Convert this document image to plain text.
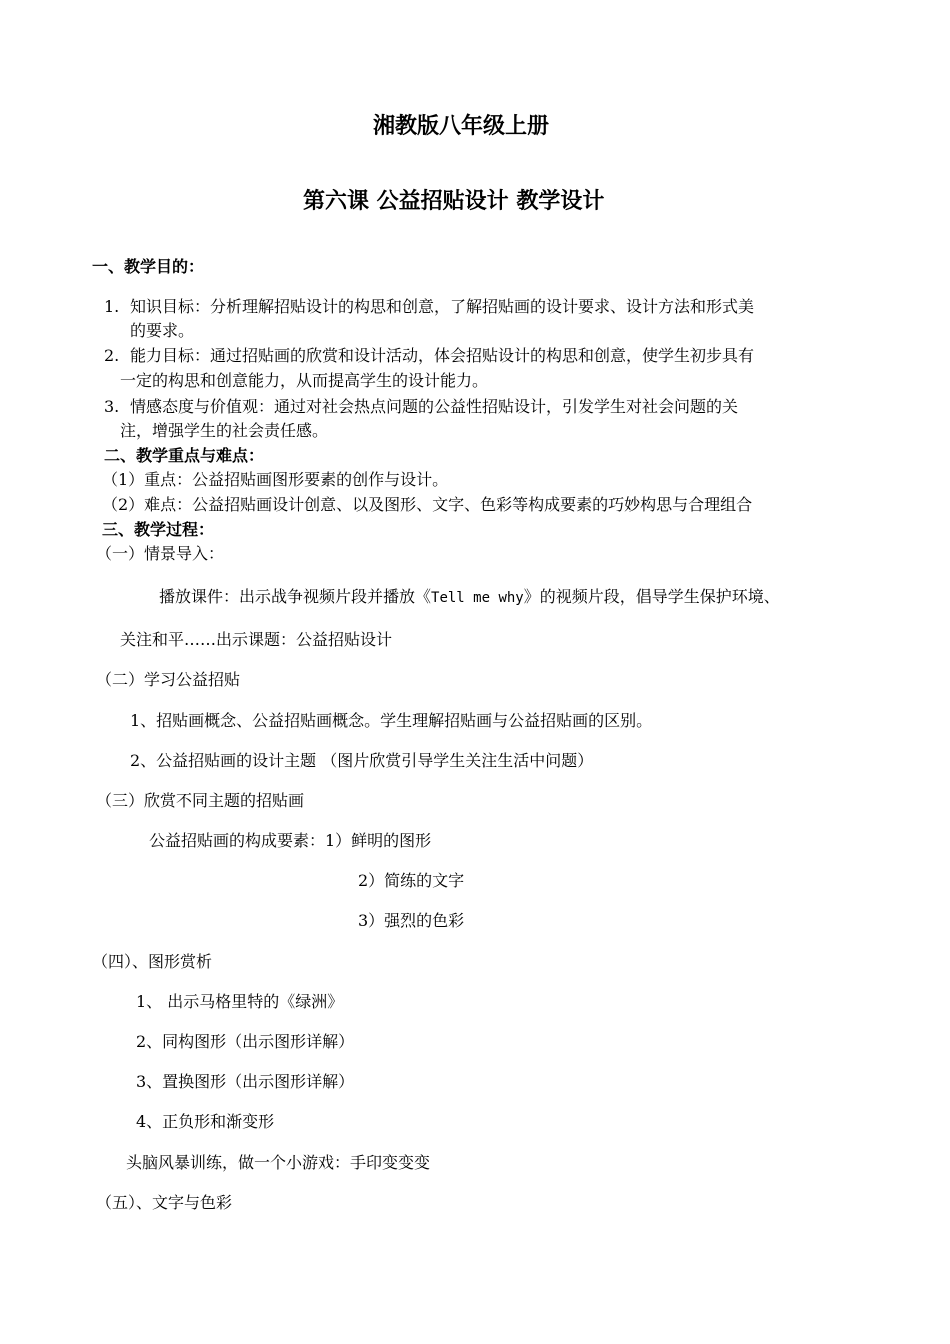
湘教版八年级上册
第六课 公益招贴设计 教学设计
一、教学目的：
1. 知识目标：分析理解招贴设计的构思和创意，了解招贴画的设计要求、设计方法和形式美
的要求。
2. 能力目标：通过招贴画的欣赏和设计活动，体会招贴设计的构思和创意，使学生初步具有
一定的构思和创意能力，从而提高学生的设计能力。
3. 情感态度与价值观：通过对社会热点问题的公益性招贴设计，引发学生对社会问题的关
注，增强学生的社会责任感。
二、教学重点与难点：
（1）重点：公益招贴画图形要素的创作与设计。
（2）难点：公益招贴画设计创意、以及图形、文字、色彩等构成要素的巧妙构思与合理组合
三、教学过程：
（一）情景导入：
播放课件：出示战争视频片段并播放《Tell me why》的视频片段，倡导学生保护环境、
关注和平……出示课题：公益招贴设计
（二）学习公益招贴
1、招贴画概念、公益招贴画概念。学生理解招贴画与公益招贴画的区别。
2、公益招贴画的设计主题 （图片欣赏引导学生关注生活中问题）
（三）欣赏不同主题的招贴画
公益招贴画的构成要素：1）鲜明的图形
2）简练的文字
3）强烈的色彩
（四）、图形赏析
1、 出示马格里特的《绿洲》
2、同构图形（出示图形详解）
3、置换图形（出示图形详解）
4、正负形和渐变形
头脑风暴训练，做一个小游戏：手印变变变
（五）、文字与色彩
